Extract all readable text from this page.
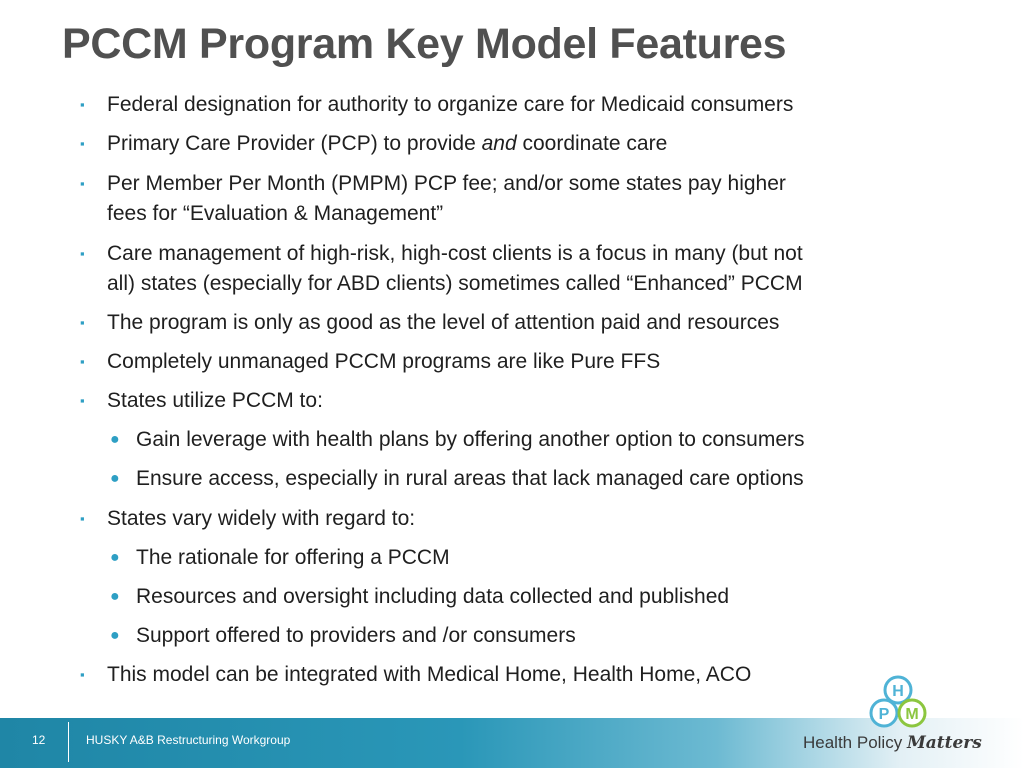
PCCM Program Key Model Features
▪ Federal designation for authority to organize care for Medicaid consumers
▪ Primary Care Provider (PCP) to provide and coordinate care
▪ Per Member Per Month (PMPM) PCP fee; and/or some states pay higher
fees for “Evaluation & Management”
▪ Care management of high-risk, high-cost clients is a focus in many (but not
all) states (especially for ABD clients) sometimes called “Enhanced” PCCM
▪ The program is only as good as the level of attention paid and resources
▪ Completely unmanaged PCCM programs are like Pure FFS
▪ States utilize PCCM to:
● Gain leverage with health plans by offering another option to consumers
● Ensure access, especially in rural areas that lack managed care options
▪ States vary widely with regard to:
● The rationale for offering a PCCM
● Resources and oversight including data collected and published
● Support offered to providers and /or consumers
▪ This model can be integrated with Medical Home, Health Home, ACO
12	HUSKY A&B Restructuring Workgroup
H
P M
Health Policy Matters
